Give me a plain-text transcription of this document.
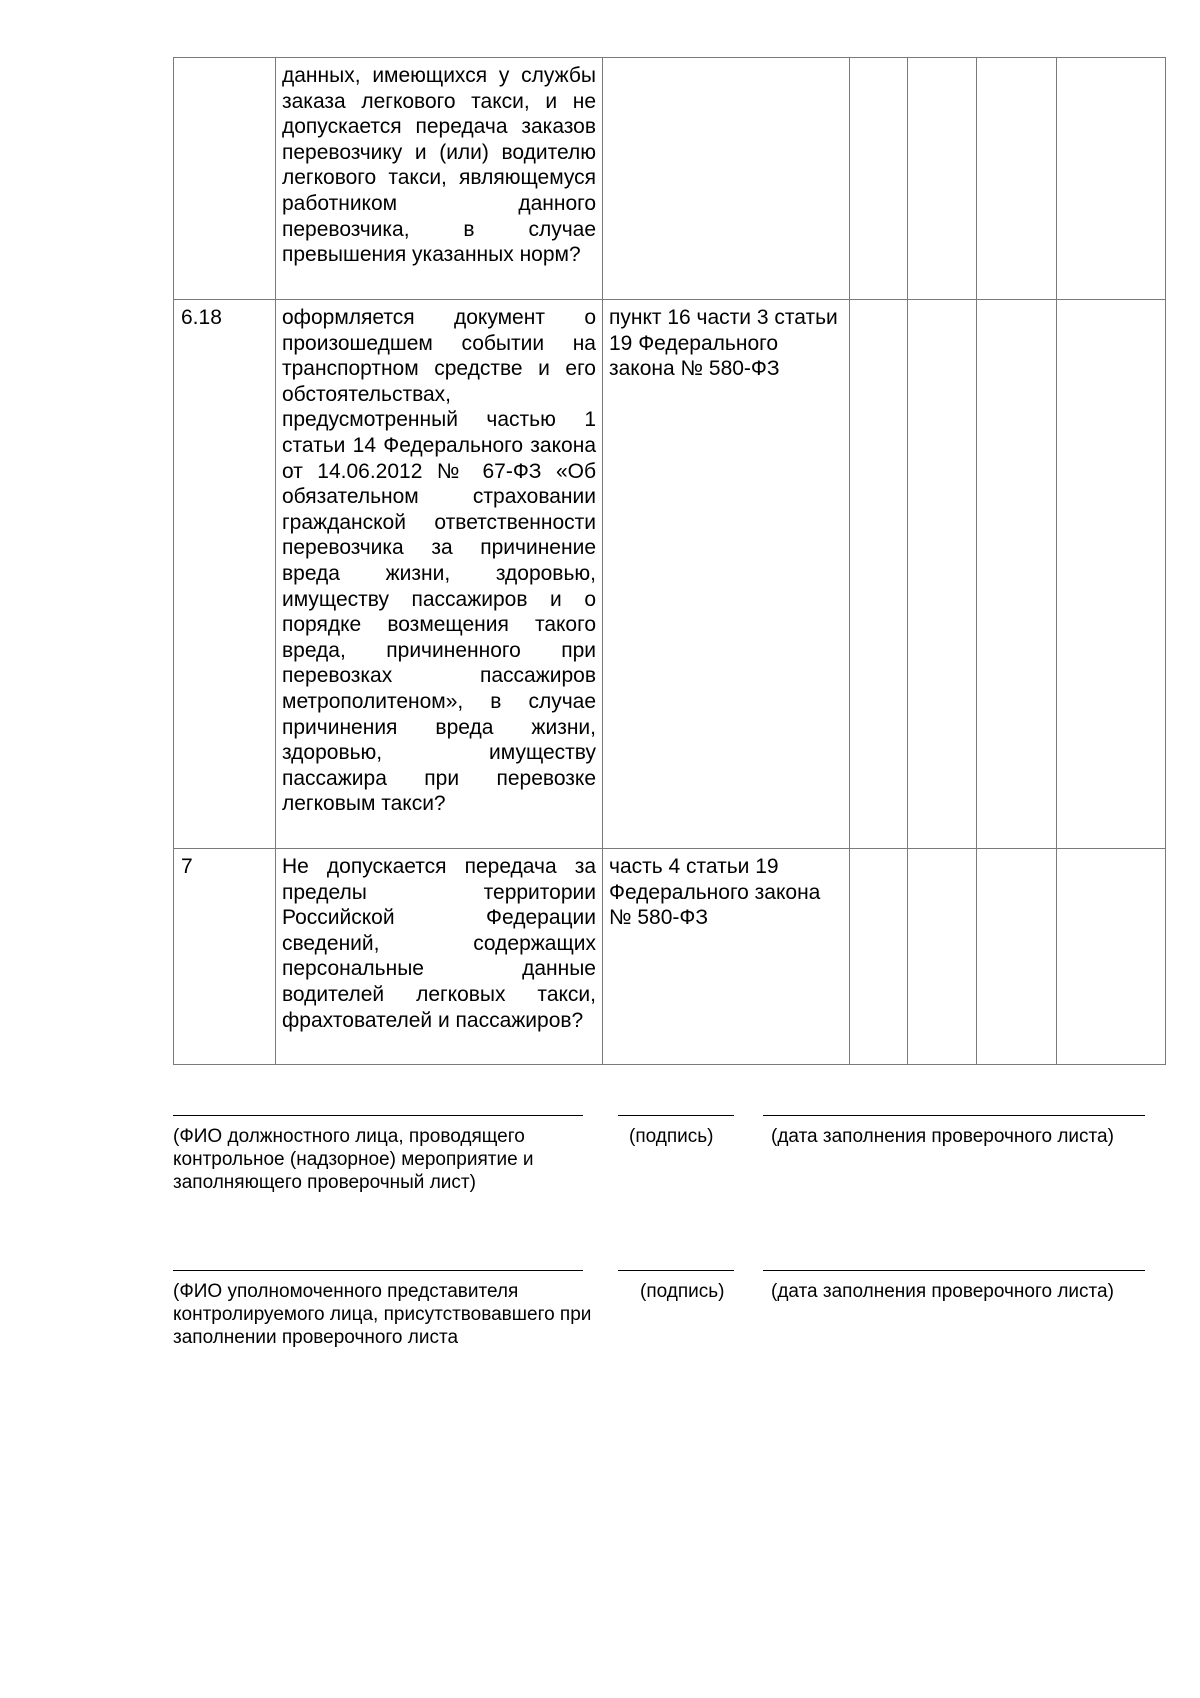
	данных, имеющихся у службы заказа легкового такси, и не допускается передача заказов перевозчику и (или) водителю легкового такси, являющемуся работником данного перевозчика, в случае превышения указанных норм?					
6.18	оформляется документ о произошедшем событии на транспортном средстве и его обстоятельствах, предусмотренный частью 1 статьи 14 Федерального закона от 14.06.2012 № 67-ФЗ «Об обязательном страховании гражданской ответственности перевозчика за причинение вреда жизни, здоровью, имуществу пассажиров и о порядке возмещения такого вреда, причиненного при перевозках пассажиров метрополитеном», в случае причинения вреда жизни, здоровью, имуществу пассажира при перевозке легковым такси?	пункт 16 части 3 статьи 19 Федерального закона № 580-ФЗ				
7	Не допускается передача за пределы территории Российской Федерации сведений, содержащих персональные данные водителей легковых такси, фрахтователей и пассажиров?	часть 4 статьи 19 Федерального закона № 580-ФЗ				
(ФИО должностного лица, проводящего контрольное (надзорное) мероприятие и заполняющего проверочный лист)
(подпись)	(дата заполнения проверочного листа)
(ФИО уполномоченного представителя контролируемого лица, присутствовавшего при заполнении проверочного листа
(подпись)	(дата заполнения проверочного листа)
